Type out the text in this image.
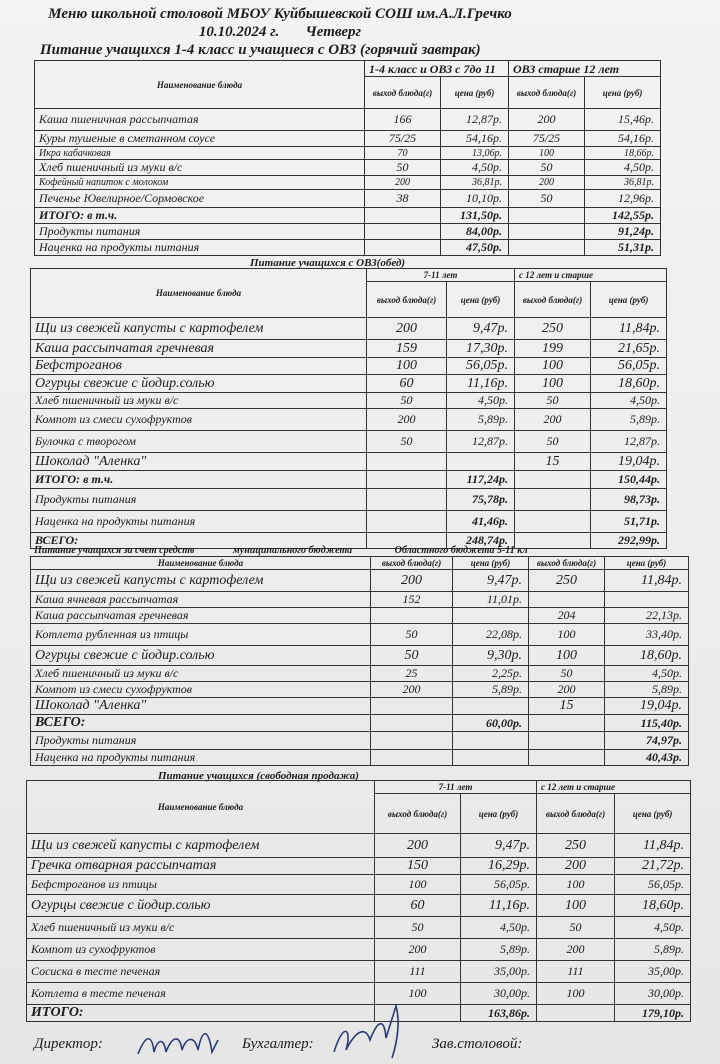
Меню школьной столовой МБОУ Куйбышевской СОШ им.А.Л.Гречко
10.10.2024 г. Четверг
Питание учащихся 1-4 класс и учащиеся с ОВЗ (горячий завтрак)
Наименование блюда	1-4 класс и ОВЗ с 7до 11		ОВЗ старше 12 лет	
	выход блюда(г)	цена (руб)	выход блюда(г)	цена (руб)
Каша пшеничная рассыпчатая	166	12,87р.	200	15,46р.
Куры тушеные в сметанном соусе	75/25	54,16р.	75/25	54,16р.
Икра кабачковая	70	13,06р.	100	18,66р.
Хлеб пшеничный из муки в/с	50	4,50р.	50	4,50р.
Кофейный напиток с молоком	200	36,81р.	200	36,81р.
Печенье Ювелирное/Сормовское	38	10,10р.	50	12,96р.
ИТОГО: в т.ч.		131,50р.		142,55р.
Продукты питания		84,00р.		91,24р.
Наценка на продукты питания		47,50р.		51,31р.
Питание учащихся с ОВЗ(обед)
Наименование блюда	7-11 лет		с 12 лет и старше	
	выход блюда(г)	цена (руб)	выход блюда(г)	цена (руб)
Щи из свежей капусты с картофелем	200	9,47р.	250	11,84р.
Каша рассыпчатая гречневая	159	17,30р.	199	21,65р.
Бефстроганов	100	56,05р.	100	56,05р.
Огурцы свежие с йодир.солью	60	11,16р.	100	18,60р.
Хлеб пшеничный из муки в/с	50	4,50р.	50	4,50р.
Компот из смеси сухофруктов	200	5,89р.	200	5,89р.
Булочка с творогом	50	12,87р.	50	12,87р.
Шоколад "Аленка"			15	19,04р.
ИТОГО: в т.ч.		117,24р.		150,44р.
Продукты питания		75,78р.		98,73р.
Наценка на продукты питания		41,46р.		51,71р.
ВСЕГО:		248,74р.		292,99р.
Питание учащихся за счет средств	муниципального бюджета	Областного бюджета 5-11 кл
Наименование блюда	выход блюда(г)	цена (руб)	выход блюда(г)	цена (руб)
Щи из свежей капусты с картофелем	200	9,47р.	250	11,84р.
Каша ячневая рассыпчатая	152	11,01р.		
Каша рассыпчатая гречневая			204	22,13р.
Котлета рубленная из птицы	50	22,08р.	100	33,40р.
Огурцы свежие с йодир.солью	50	9,30р.	100	18,60р.
Хлеб пшеничный из муки в/с	25	2,25р.	50	4,50р.
Компот из смеси сухофруктов	200	5,89р.	200	5,89р.
Шоколад "Аленка"			15	19,04р.
ВСЕГО:		60,00р.		115,40р.
Продукты питания				74,97р.
Наценка на продукты питания				40,43р.
Питание учащихся (свободная продажа)
Наименование блюда	7-11 лет		с 12 лет и старше	
	выход блюда(г)	цена (руб)	выход блюда(г)	цена (руб)
Щи из свежей капусты с картофелем	200	9,47р.	250	11,84р.
Гречка отварная рассыпчатая	150	16,29р.	200	21,72р.
Бефстроганов из птицы	100	56,05р.	100	56,05р.
Огурцы свежие с йодир.солью	60	11,16р.	100	18,60р.
Хлеб пшеничный из муки в/с	50	4,50р.	50	4,50р.
Компот из сухофруктов	200	5,89р.	200	5,89р.
Сосиска в тесте печеная	111	35,00р.	111	35,00р.
Котлета в тесте печеная	100	30,00р.	100	30,00р.
ИТОГО:		163,86р.		179,10р.
Директор:	Бухгалтер:	Зав.столовой:
